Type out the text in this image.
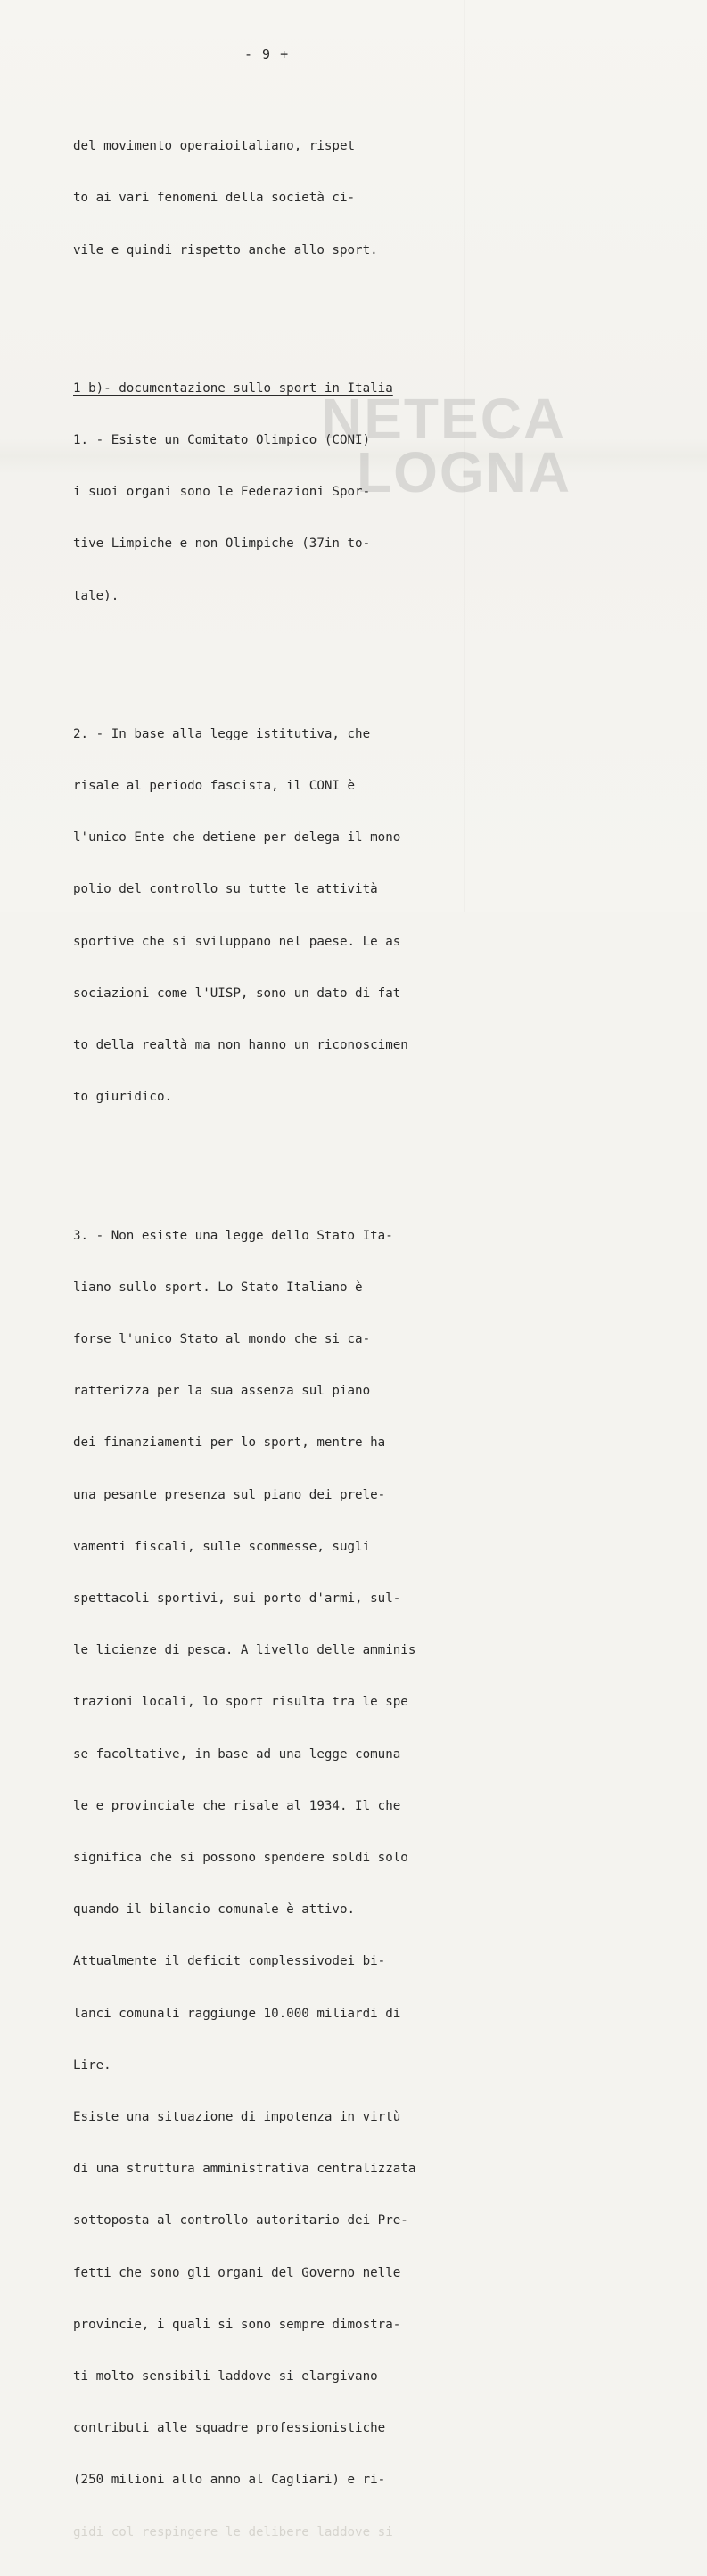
- 9 +
NETECA
LOGNA

del movimento operaioitaliano, rispet

to ai vari fenomeni della società ci-

vile e quindi rispetto anche allo sport.

1 b)- documentazione sullo sport in Italia

1. - Esiste un Comitato Olimpico (CONI)

i suoi organi sono le Federazioni Spor-

tive Limpiche e non Olimpiche (37in to-

tale).

2. - In base alla legge istitutiva, che

risale al periodo fascista, il CONI è

l'unico Ente che detiene per delega il mono

polio del controllo su tutte le attività

sportive che si sviluppano nel paese. Le as

sociazioni come l'UISP, sono un dato di fat

to della realtà ma non hanno un riconoscimen

to giuridico.

3. - Non esiste una legge dello Stato Ita-

liano sullo sport. Lo Stato Italiano è

forse l'unico Stato al mondo che si ca-

ratterizza per la sua assenza sul piano

dei finanziamenti per lo sport, mentre ha

una pesante presenza sul piano dei prele-

vamenti fiscali, sulle scommesse, sugli

spettacoli sportivi, sui porto d'armi, sul-

le licienze di pesca. A livello delle amminis

trazioni locali, lo sport risulta tra le spe

se facoltative, in base ad una legge comuna

le e provinciale che risale al 1934. Il che

significa che si possono spendere soldi solo

quando il bilancio comunale è attivo.

Attualmente il deficit complessivodei bi-

lanci comunali raggiunge 10.000 miliardi di

Lire.

Esiste una situazione di impotenza in virtù

di una struttura amministrativa centralizzata

sottoposta al controllo autoritario dei Pre-

fetti che sono gli organi del Governo nelle

provincie, i quali si sono sempre dimostra-

ti molto sensibili laddove si elargivano

contributi alle squadre professionistiche

(250 milioni allo anno al Cagliari) e ri-

gidi col respingere le delibere laddove si
